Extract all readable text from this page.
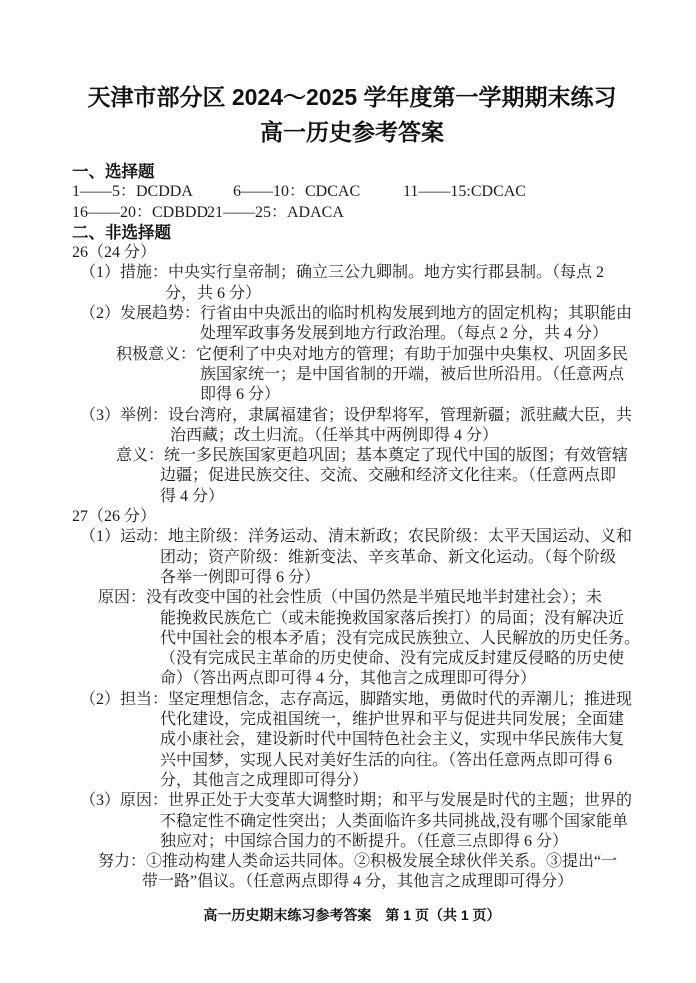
天津市部分区 2024～2025 学年度第一学期期末练习
高一历史参考答案
一、选择题
1——5：DCDDA	6——10：CDCAC	11——15:CDCAC
16——20：CDBDD
21——25：ADACA
二、非选择题
26（24 分）
（1）措施：中央实行皇帝制；确立三公九卿制。地方实行郡县制。（每点 2
分，共 6 分）
（2）发展趋势：行省由中央派出的临时机构发展到地方的固定机构；其职能由
处理军政事务发展到地方行政治理。（每点 2 分，共 4 分）
积极意义：它便利了中央对地方的管理；有助于加强中央集权、巩固多民
族国家统一；是中国省制的开端，被后世所沿用。（任意两点
即得 6 分）
（3）举例：设台湾府，隶属福建省；设伊犁将军，管理新疆；派驻藏大臣，共
治西藏；改土归流。（任举其中两例即得 4 分）
意义：统一多民族国家更趋巩固；基本奠定了现代中国的版图；有效管辖
边疆；促进民族交往、交流、交融和经济文化往来。（任意两点即
得 4 分）
27（26 分）
（1）运动：地主阶级：洋务运动、清末新政；农民阶级：太平天国运动、义和
团动；资产阶级：维新变法、辛亥革命、新文化运动。（每个阶级
各举一例即可得 6 分）
原因：没有改变中国的社会性质（中国仍然是半殖民地半封建社会）；未
能挽救民族危亡（或未能挽救国家落后挨打）的局面；没有解决近
代中国社会的根本矛盾；没有完成民族独立、人民解放的历史任务。
（没有完成民主革命的历史使命、没有完成反封建反侵略的历史使
命）（答出两点即可得 4 分，其他言之成理即可得分）
（2）担当：坚定理想信念，志存高远，脚踏实地，勇做时代的弄潮儿；推进现
代化建设，完成祖国统一，维护世界和平与促进共同发展；全面建
成小康社会，建设新时代中国特色社会主义，实现中华民族伟大复
兴中国梦，实现人民对美好生活的向往。（答出任意两点即可得 6
分，其他言之成理即可得分）
（3）原因：世界正处于大变革大调整时期；和平与发展是时代的主题；世界的
不稳定性不确定性突出；人类面临许多共同挑战,没有哪个国家能单
独应对；中国综合国力的不断提升。（任意三点即得 6 分）
努力：①推动构建人类命运共同体。②积极发展全球伙伴关系。③提出“一
带一路”倡议。（任意两点即得 4 分，其他言之成理即可得分）
高一历史期末练习参考答案　第 1 页（共 1 页）
